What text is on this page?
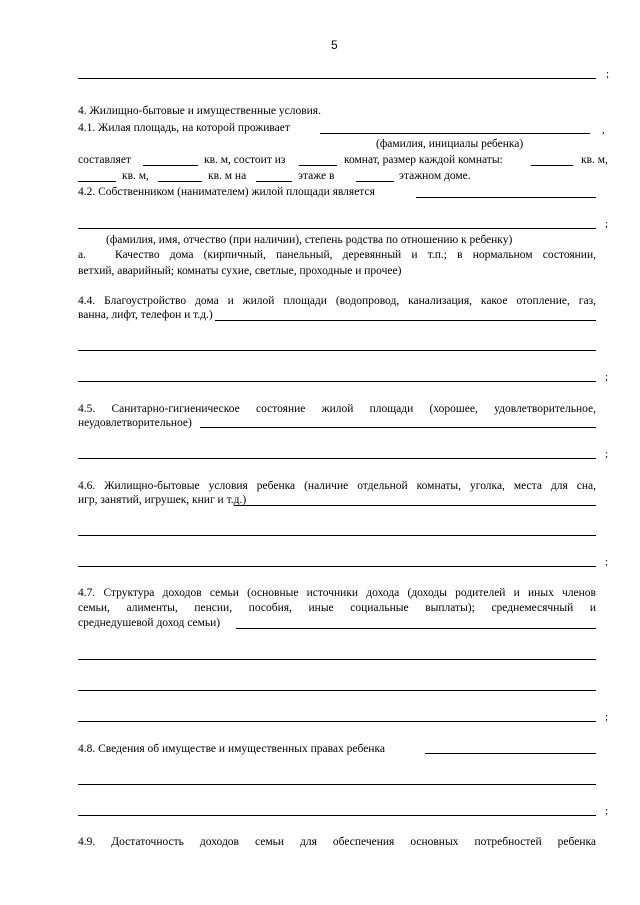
5
;
4. Жилищно-бытовые и имущественные условия.
4.1. Жилая площадь, на которой проживает	,
(фамилия, инициалы ребенка)
составляет	кв. м, состоит из	комнат, размер каждой комнаты:	кв. м,
кв. м,	кв. м на	этаже в	этажном доме.
4.2. Собственником (нанимателем) жилой площади является
;
(фамилия, имя, отчество (при наличии), степень родства по отношению к ребенку)
а.	Качество дома (кирпичный, панельный, деревянный и т.п.; в нормальном состоянии,
ветхий, аварийный; комнаты сухие, светлые, проходные и прочее)
4.4. Благоустройство дома и жилой площади (водопровод, канализация, какое отопление, газ,
ванна, лифт, телефон и т.д.)
;
4.5. Санитарно-гигиеническое состояние жилой площади (хорошее, удовлетворительное,
неудовлетворительное)
;
4.6. Жилищно-бытовые условия ребенка (наличие отдельной комнаты, уголка, места для сна,
игр, занятий, игрушек, книг и т.д.)
;
4.7. Структура доходов семьи (основные источники дохода (доходы родителей и иных членов
семьи, алименты, пенсии, пособия, иные социальные выплаты); среднемесячный и
среднедушевой доход семьи)
;
4.8. Сведения об имуществе и имущественных правах ребенка
;
4.9. Достаточность доходов семьи для обеспечения основных потребностей ребенка
